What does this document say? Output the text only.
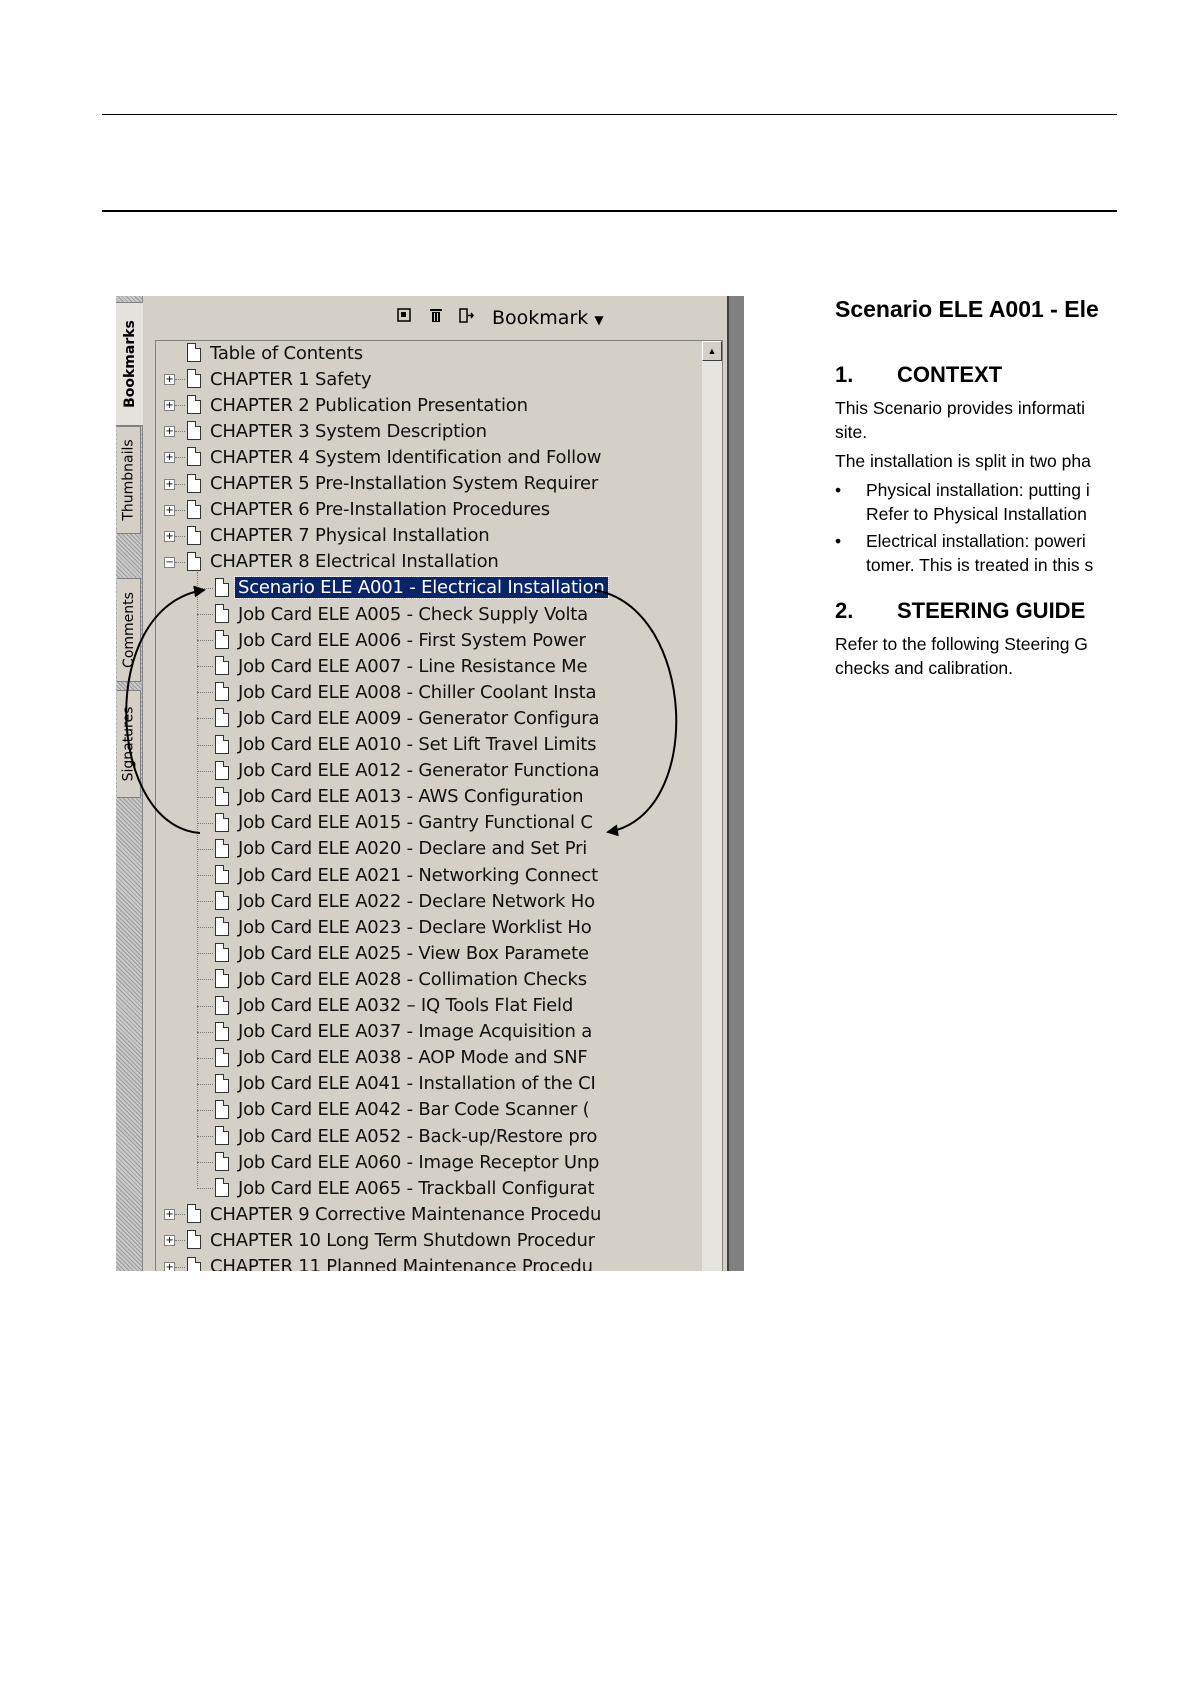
Bookmarks
Thumbnails
Comments
Signatures
Bookmark ▼
▲
Table of Contents
+ CHAPTER 1 Safety
+ CHAPTER 2 Publication Presentation
+ CHAPTER 3 System Description
+ CHAPTER 4 System Identification and Follow
+ CHAPTER 5 Pre-Installation System Requirer
+ CHAPTER 6 Pre-Installation Procedures
+ CHAPTER 7 Physical Installation
− CHAPTER 8 Electrical Installation
Scenario ELE A001 - Electrical Installation
Job Card ELE A005 - Check Supply Volta
Job Card ELE A006 - First System Power
Job Card ELE A007 - Line Resistance Me
Job Card ELE A008 - Chiller Coolant Insta
Job Card ELE A009 - Generator Configura
Job Card ELE A010 - Set Lift Travel Limits
Job Card ELE A012 - Generator Functiona
Job Card ELE A013 - AWS Configuration
Job Card ELE A015 - Gantry Functional C
Job Card ELE A020 - Declare and Set Pri
Job Card ELE A021 - Networking Connect
Job Card ELE A022 - Declare Network Ho
Job Card ELE A023 - Declare Worklist Ho
Job Card ELE A025 - View Box Paramete
Job Card ELE A028 - Collimation Checks
Job Card ELE A032 – IQ Tools Flat Field
Job Card ELE A037 - Image Acquisition a
Job Card ELE A038 - AOP Mode and SNF
Job Card ELE A041 - Installation of the CI
Job Card ELE A042 - Bar Code Scanner (
Job Card ELE A052 - Back-up/Restore pro
Job Card ELE A060 - Image Receptor Unp
Job Card ELE A065 - Trackball Configurat
+ CHAPTER 9 Corrective Maintenance Procedu
+ CHAPTER 10 Long Term Shutdown Procedur
+ CHAPTER 11 Planned Maintenance Procedu
Scenario ELE A001 - Ele
1. CONTEXT
This Scenario provides informati
site.
The installation is split in two pha
• Physical installation: putting i
Refer to Physical Installation
• Electrical installation: poweri
tomer. This is treated in this s
2. STEERING GUIDE
Refer to the following Steering G
checks and calibration.
